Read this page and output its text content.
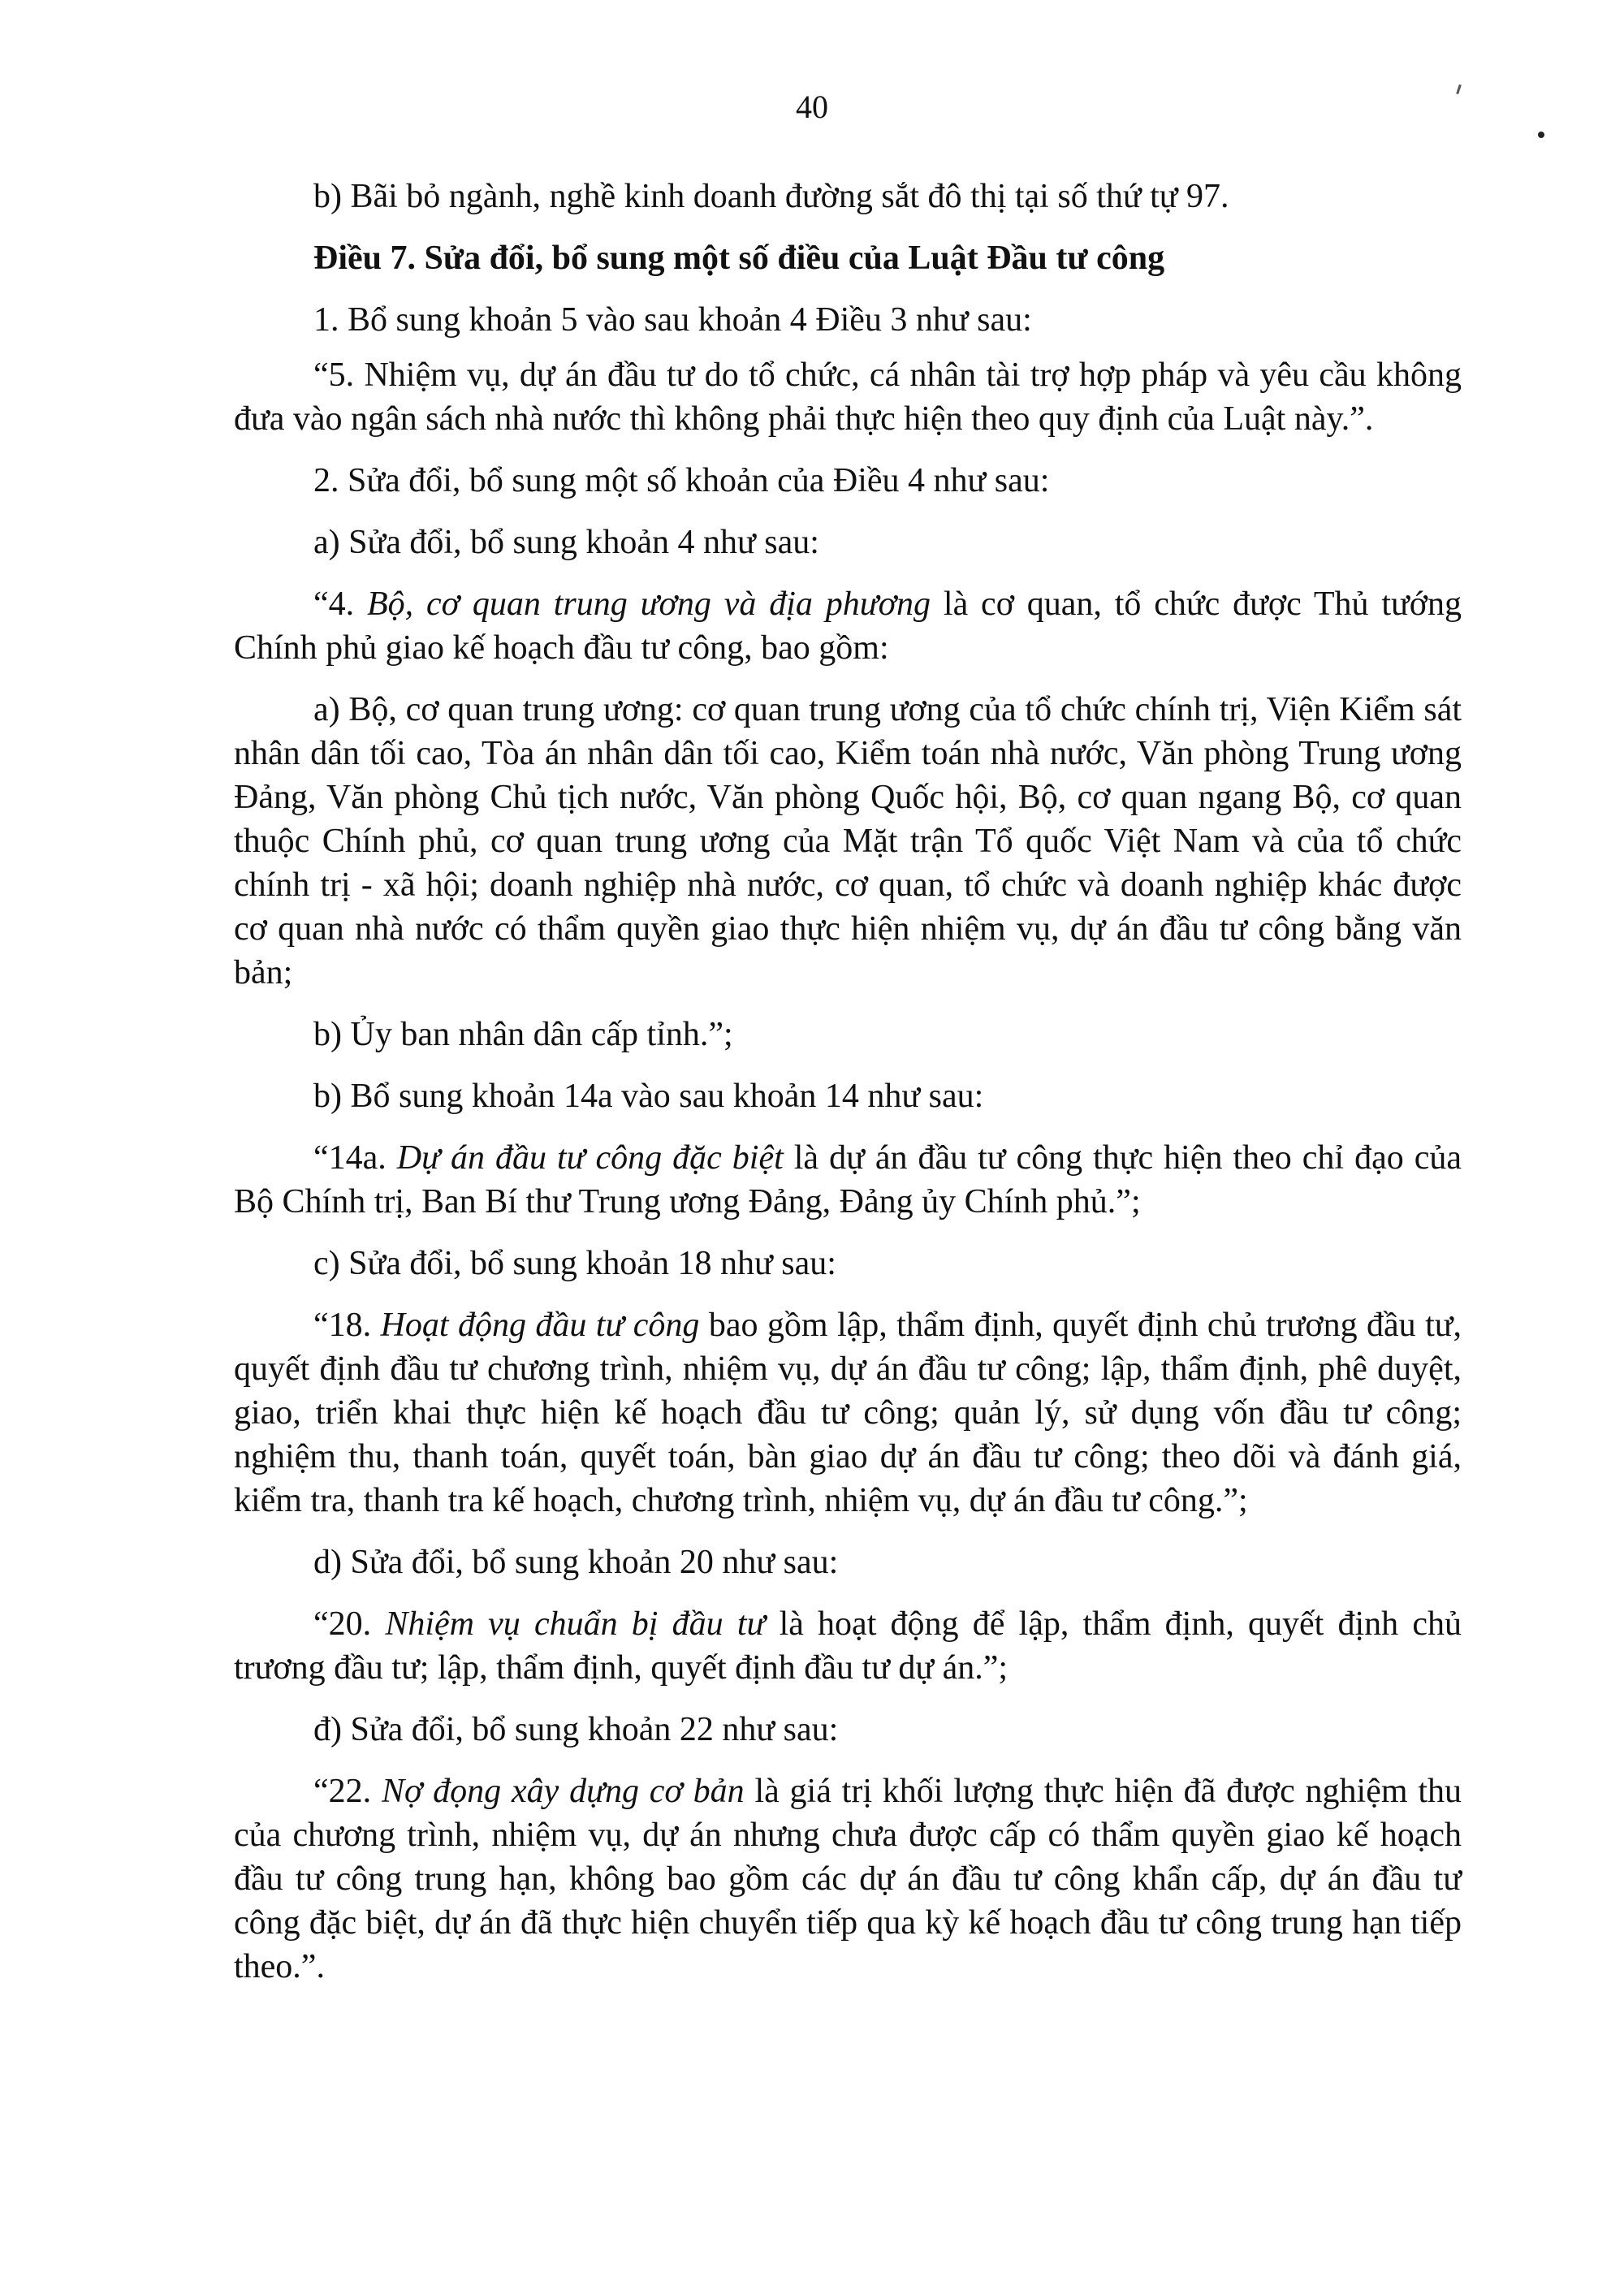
40

b) Bãi bỏ ngành, nghề kinh doanh đường sắt đô thị tại số thứ tự 97.

Điều 7. Sửa đổi, bổ sung một số điều của Luật Đầu tư công

1. Bổ sung khoản 5 vào sau khoản 4 Điều 3 như sau:

“5. Nhiệm vụ, dự án đầu tư do tổ chức, cá nhân tài trợ hợp pháp và yêu cầu không đưa vào ngân sách nhà nước thì không phải thực hiện theo quy định của Luật này.”.

2. Sửa đổi, bổ sung một số khoản của Điều 4 như sau:

a) Sửa đổi, bổ sung khoản 4 như sau:

“4. Bộ, cơ quan trung ương và địa phương là cơ quan, tổ chức được Thủ tướng Chính phủ giao kế hoạch đầu tư công, bao gồm:

a) Bộ, cơ quan trung ương: cơ quan trung ương của tổ chức chính trị, Viện Kiểm sát nhân dân tối cao, Tòa án nhân dân tối cao, Kiểm toán nhà nước, Văn phòng Trung ương Đảng, Văn phòng Chủ tịch nước, Văn phòng Quốc hội, Bộ, cơ quan ngang Bộ, cơ quan thuộc Chính phủ, cơ quan trung ương của Mặt trận Tổ quốc Việt Nam và của tổ chức chính trị - xã hội; doanh nghiệp nhà nước, cơ quan, tổ chức và doanh nghiệp khác được cơ quan nhà nước có thẩm quyền giao thực hiện nhiệm vụ, dự án đầu tư công bằng văn bản;

b) Ủy ban nhân dân cấp tỉnh.”;

b) Bổ sung khoản 14a vào sau khoản 14 như sau:

“14a. Dự án đầu tư công đặc biệt là dự án đầu tư công thực hiện theo chỉ đạo của Bộ Chính trị, Ban Bí thư Trung ương Đảng, Đảng ủy Chính phủ.”;

c) Sửa đổi, bổ sung khoản 18 như sau:

“18. Hoạt động đầu tư công bao gồm lập, thẩm định, quyết định chủ trương đầu tư, quyết định đầu tư chương trình, nhiệm vụ, dự án đầu tư công; lập, thẩm định, phê duyệt, giao, triển khai thực hiện kế hoạch đầu tư công; quản lý, sử dụng vốn đầu tư công; nghiệm thu, thanh toán, quyết toán, bàn giao dự án đầu tư công; theo dõi và đánh giá, kiểm tra, thanh tra kế hoạch, chương trình, nhiệm vụ, dự án đầu tư công.”;

d) Sửa đổi, bổ sung khoản 20 như sau:

“20. Nhiệm vụ chuẩn bị đầu tư là hoạt động để lập, thẩm định, quyết định chủ trương đầu tư; lập, thẩm định, quyết định đầu tư dự án.”;

đ) Sửa đổi, bổ sung khoản 22 như sau:

“22. Nợ đọng xây dựng cơ bản là giá trị khối lượng thực hiện đã được nghiệm thu của chương trình, nhiệm vụ, dự án nhưng chưa được cấp có thẩm quyền giao kế hoạch đầu tư công trung hạn, không bao gồm các dự án đầu tư công khẩn cấp, dự án đầu tư công đặc biệt, dự án đã thực hiện chuyển tiếp qua kỳ kế hoạch đầu tư công trung hạn tiếp theo.”.
